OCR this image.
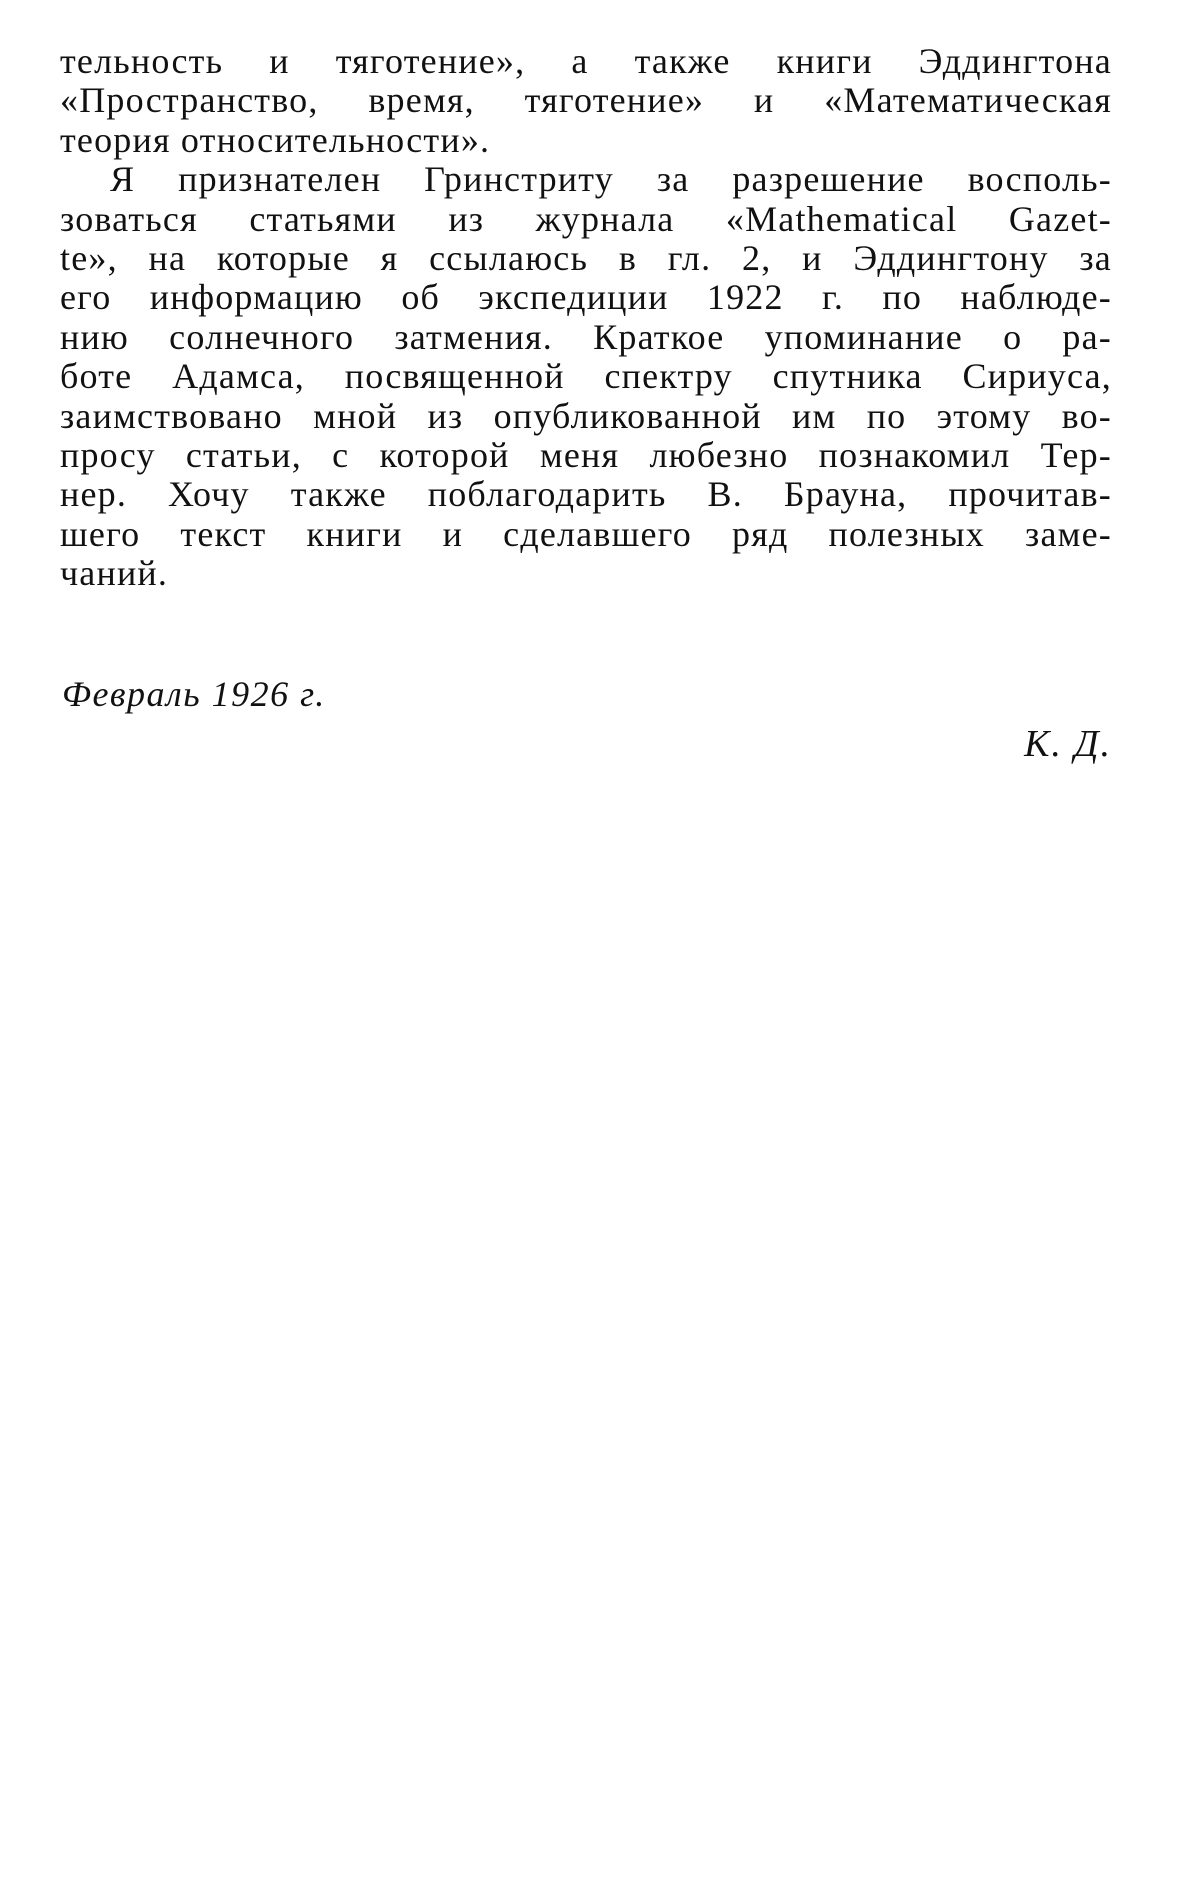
тельность и тяготение», а также книги Эддингтона
«Пространство, время, тяготение» и «Математическая
теория относительности».
Я признателен Гринстриту за разрешение восполь-
зоваться статьями из журнала «Mathematical Gazet-
te», на которые я ссылаюсь в гл. 2, и Эддингтону за
его информацию об экспедиции 1922 г. по наблюде-
нию солнечного затмения. Краткое упоминание о ра-
боте Адамса, посвященной спектру спутника Сириуса,
заимствовано мной из опубликованной им по этому во-
просу статьи, с которой меня любезно познакомил Тер-
нер. Хочу также поблагодарить В. Брауна, прочитав-
шего текст книги и сделавшего ряд полезных заме-
чаний.
Февраль 1926 г.
К. Д.
